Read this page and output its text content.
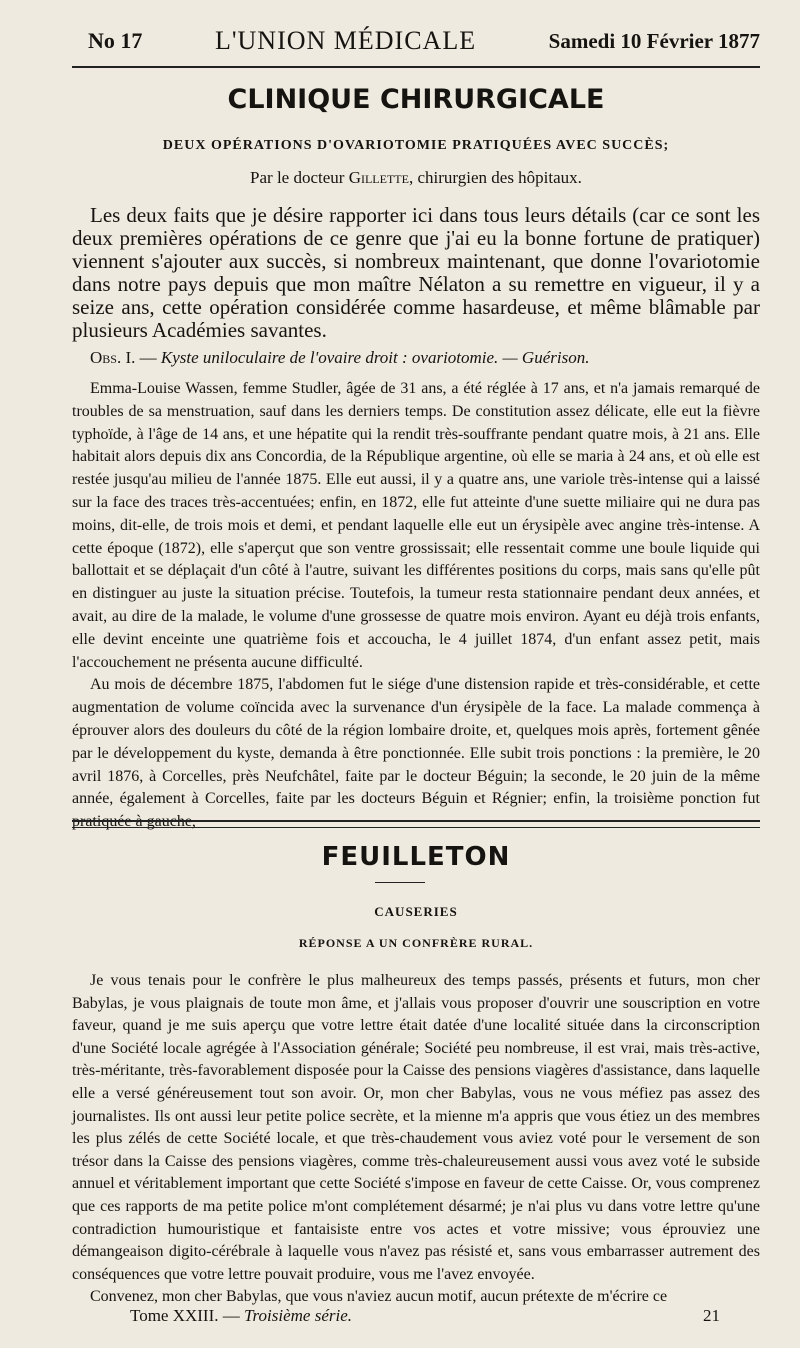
No 17	L'UNION MÉDICALE	Samedi 10 Février 1877
CLINIQUE CHIRURGICALE
DEUX OPÉRATIONS D'OVARIOTOMIE PRATIQUÉES AVEC SUCCÈS;
Par le docteur Gillette, chirurgien des hôpitaux.

Les deux faits que je désire rapporter ici dans tous leurs détails (car ce sont les deux premières opérations de ce genre que j'ai eu la bonne fortune de pratiquer) viennent s'ajouter aux succès, si nombreux maintenant, que donne l'ovariotomie dans notre pays depuis que mon maître Nélaton a su remettre en vigueur, il y a seize ans, cette opération considérée comme hasardeuse, et même blâmable par plusieurs Académies savantes.

Obs. I. — Kyste uniloculaire de l'ovaire droit : ovariotomie. — Guérison.

Emma-Louise Wassen, femme Studler, âgée de 31 ans, a été réglée à 17 ans, et n'a jamais remarqué de troubles de sa menstruation, sauf dans les derniers temps. De constitution assez délicate, elle eut la fièvre typhoïde, à l'âge de 14 ans, et une hépatite qui la rendit très-souffrante pendant quatre mois, à 21 ans. Elle habitait alors depuis dix ans Concordia, de la République argentine, où elle se maria à 24 ans, et où elle est restée jusqu'au milieu de l'année 1875. Elle eut aussi, il y a quatre ans, une variole très-intense qui a laissé sur la face des traces très-accentuées; enfin, en 1872, elle fut atteinte d'une suette miliaire qui ne dura pas moins, dit-elle, de trois mois et demi, et pendant laquelle elle eut un érysipèle avec angine très-intense. A cette époque (1872), elle s'aperçut que son ventre grossissait; elle ressentait comme une boule liquide qui ballottait et se déplaçait d'un côté à l'autre, suivant les différentes positions du corps, mais sans qu'elle pût en distinguer au juste la situation précise. Toutefois, la tumeur resta stationnaire pendant deux années, et avait, au dire de la malade, le volume d'une grossesse de quatre mois environ. Ayant eu déjà trois enfants, elle devint enceinte une quatrième fois et accoucha, le 4 juillet 1874, d'un enfant assez petit, mais l'accouchement ne présenta aucune difficulté.

Au mois de décembre 1875, l'abdomen fut le siége d'une distension rapide et très-considérable, et cette augmentation de volume coïncida avec la survenance d'un érysipèle de la face. La malade commença à éprouver alors des douleurs du côté de la région lombaire droite, et, quelques mois après, fortement gênée par le développement du kyste, demanda à être ponctionnée. Elle subit trois ponctions : la première, le 20 avril 1876, à Corcelles, près Neufchâtel, faite par le docteur Béguin; la seconde, le 20 juin de la même année, également à Corcelles, faite par les docteurs Béguin et Régnier; enfin, la troisième ponction fut pratiquée à gauche,

FEUILLETON
CAUSERIES
RÉPONSE A UN CONFRÈRE RURAL.

Je vous tenais pour le confrère le plus malheureux des temps passés, présents et futurs, mon cher Babylas, je vous plaignais de toute mon âme, et j'allais vous proposer d'ouvrir une souscription en votre faveur, quand je me suis aperçu que votre lettre était datée d'une localité située dans la circonscription d'une Société locale agrégée à l'Association générale; Société peu nombreuse, il est vrai, mais très-active, très-méritante, très-favorablement disposée pour la Caisse des pensions viagères d'assistance, dans laquelle elle a versé généreusement tout son avoir. Or, mon cher Babylas, vous ne vous méfiez pas assez des journalistes. Ils ont aussi leur petite police secrète, et la mienne m'a appris que vous étiez un des membres les plus zélés de cette Société locale, et que très-chaudement vous aviez voté pour le versement de son trésor dans la Caisse des pensions viagères, comme très-chaleureusement aussi vous avez voté le subside annuel et véritablement important que cette Société s'impose en faveur de cette Caisse. Or, vous comprenez que ces rapports de ma petite police m'ont complétement désarmé; je n'ai plus vu dans votre lettre qu'une contradiction humouristique et fantaisiste entre vos actes et votre missive; vous éprouviez une démangeaison digito-cérébrale à laquelle vous n'avez pas résisté et, sans vous embarrasser autrement des conséquences que votre lettre pouvait produire, vous me l'avez envoyée.

Convenez, mon cher Babylas, que vous n'aviez aucun motif, aucun prétexte de m'écrire ce

Tome XXIII. — Troisième série.	21
